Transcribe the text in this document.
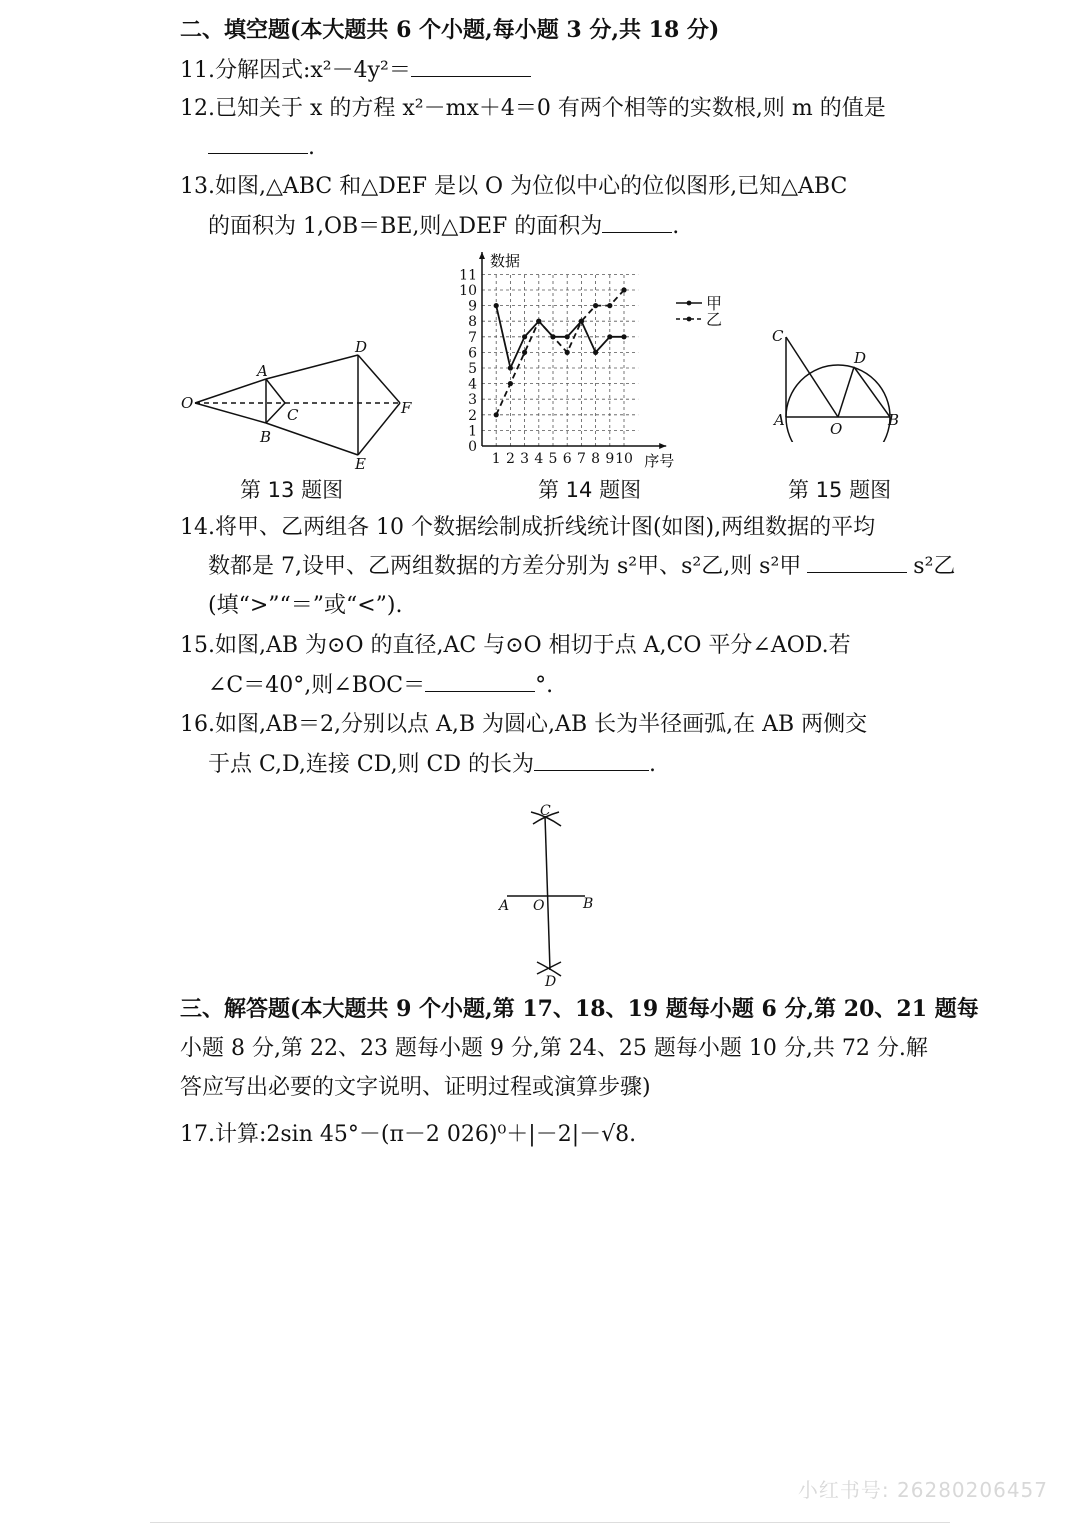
二、填空题(本大题共 6 个小题,每小题 3 分,共 18 分)
11.分解因式:x²－4y²＝
12.已知关于 x 的方程 x²－mx＋4＝0 有两个相等的实数根,则 m 的值是
.
13.如图,△ABC 和△DEF 是以 O 为位似中心的位似图形,已知△ABC
的面积为 1,OB＝BE,则△DEF 的面积为	.
O
A
B
C
D
E
F
第 13 题图
0
1
2
3
4
5
6
7
8
9
10
11
1 2 3 4 5 6 7 8 9 10
甲
乙
数据
序号
第 14 题图
C
D
A	O	B
第 15 题图
14.将甲、乙两组各 10 个数据绘制成折线统计图(如图),两组数据的平均
数都是 7,设甲、乙两组数据的方差分别为 s²甲、s²乙,则 s²甲	s²乙
(填“>”“＝”或“<”).
15.如图,AB 为⊙O 的直径,AC 与⊙O 相切于点 A,CO 平分∠AOD.若
∠C＝40°,则∠BOC＝	°.
16.如图,AB＝2,分别以点 A,B 为圆心,AB 长为半径画弧,在 AB 两侧交
于点 C,D,连接 CD,则 CD 的长为	.
C
A O	B
D
三、解答题(本大题共 9 个小题,第 17、18、19 题每小题 6 分,第 20、21 题每
小题 8 分,第 22、23 题每小题 9 分,第 24、25 题每小题 10 分,共 72 分.解
答应写出必要的文字说明、证明过程或演算步骤)
17.计算:2sin 45°－(π－2 026)⁰＋|－2|－√8.
小红书号: 26280206457
